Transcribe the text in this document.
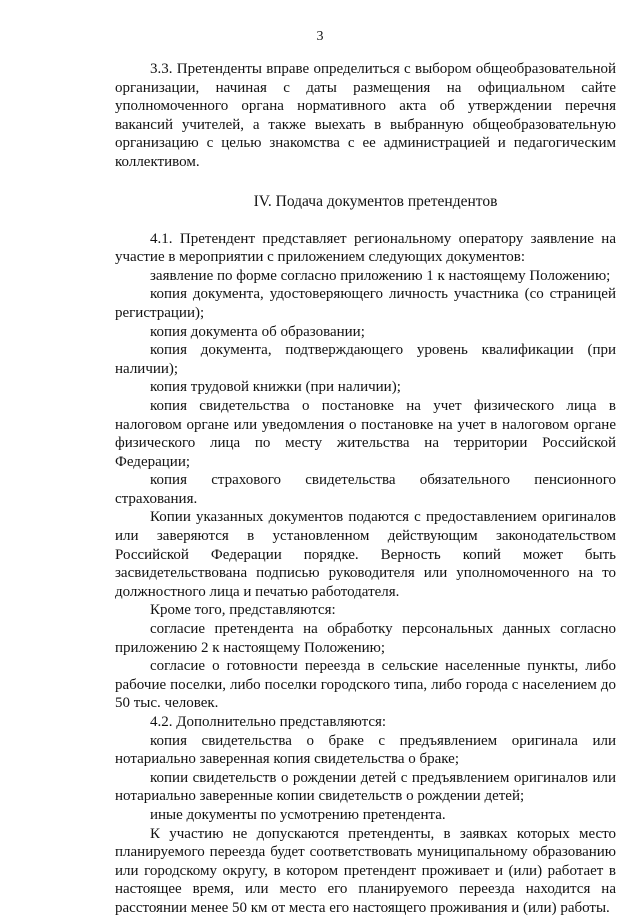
3

3.3. Претенденты вправе определиться с выбором общеобразовательной организации, начиная с даты размещения на официальном сайте уполномоченного органа нормативного акта об утверждении перечня вакансий учителей, а также выехать в выбранную общеобразовательную организацию с целью знакомства с ее администрацией и педагогическим коллективом.

IV. Подача документов претендентов

4.1. Претендент представляет региональному оператору заявление на участие в мероприятии с приложением следующих документов:

заявление по форме согласно приложению 1 к настоящему Положению;

копия документа, удостоверяющего личность участника (со страницей регистрации);

копия документа об образовании;

копия документа, подтверждающего уровень квалификации (при наличии);

копия трудовой книжки (при наличии);

копия свидетельства о постановке на учет физического лица в налоговом органе или уведомления о постановке на учет в налоговом органе физического лица по месту жительства на территории Российской Федерации;

копия страхового свидетельства обязательного пенсионного страхования.

Копии указанных документов подаются с предоставлением оригиналов или заверяются в установленном действующим законодательством Российской Федерации порядке. Верность копий может быть засвидетельствована подписью руководителя или уполномоченного на то должностного лица и печатью работодателя.

Кроме того, представляются:

согласие претендента на обработку персональных данных согласно приложению 2 к настоящему Положению;

согласие о готовности переезда в сельские населенные пункты, либо рабочие поселки, либо поселки городского типа, либо города с населением до 50 тыс. человек.

4.2. Дополнительно представляются:

копия свидетельства о браке с предъявлением оригинала или нотариально заверенная копия свидетельства о браке;

копии свидетельств о рождении детей с предъявлением оригиналов или нотариально заверенные копии свидетельств о рождении детей;

иные документы по усмотрению претендента.

К участию не допускаются претенденты, в заявках которых место планируемого переезда будет соответствовать муниципальному образованию или городскому округу, в котором претендент проживает и (или) работает в настоящее время, или место его планируемого переезда находится на расстоянии менее 50 км от места его настоящего проживания и (или) работы.
